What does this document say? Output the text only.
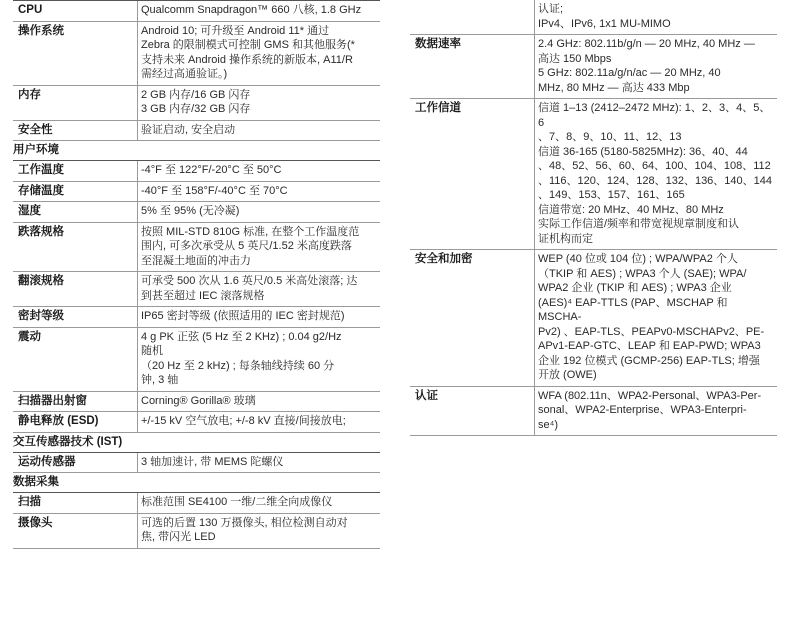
CPU	Qualcomm Snapdragon™ 660 八核, 1.8 GHz
操作系统	Android 10; 可升级至 Android 11* 通过
Zebra 的限制模式可控制 GMS 和其他服务(*
支持未来 Android 操作系统的新版本, A11/R
需经过高通验证。)
内存	2 GB 内存/16 GB 闪存
3 GB 内存/32 GB 闪存
安全性	验证启动, 安全启动
用户环境
工作温度	-4°F 至 122°F/-20°C 至 50°C
存储温度	-40°F 至 158°F/-40°C 至 70°C
湿度	5% 至 95% (无冷凝)
跌落规格	按照 MIL-STD 810G 标准, 在整个工作温度范
围内, 可多次承受从 5 英尺/1.52 米高度跌落
至混凝土地面的冲击力
翻滚规格	可承受 500 次从 1.6 英尺/0.5 米高处滚落; 达
到甚至超过 IEC 滚落规格
密封等级	IP65 密封等级 (依照适用的 IEC 密封规范)
震动	4 g PK 正弦 (5 Hz 至 2 KHz) ; 0.04 g2/Hz
随机
（20 Hz 至 2 kHz) ; 每条轴线持续 60 分
钟, 3 轴
扫描器出射窗	Corning® Gorilla® 玻璃
静电释放 (ESD)	+/-15 kV 空气放电; +/-8 kV 直接/间接放电;
交互传感器技术 (IST)
运动传感器	3 轴加速计, 带 MEMS 陀螺仪
数据采集
扫描	标准范围 SE4100 一维/二维全向成像仪
摄像头	可选的后置 130 万摄像头, 相位检测自动对
焦, 带闪光 LED
认证;
IPv4、IPv6, 1x1 MU-MIMO
数据速率	2.4 GHz: 802.11b/g/n — 20 MHz, 40 MHz —
高达 150 Mbps
5 GHz: 802.11a/g/n/ac — 20 MHz, 40
MHz, 80 MHz — 高达 433 Mbp
工作信道	信道 1–13 (2412–2472 MHz): 1、2、3、4、5、6
、7、8、9、10、11、12、13
信道 36-165 (5180-5825MHz): 36、40、44
、48、52、56、60、64、100、104、108、112
、116、120、124、128、132、136、140、144
、149、153、157、161、165
信道带宽: 20 MHz、40 MHz、80 MHz
实际工作信道/频率和带宽视规章制度和认
证机构而定
安全和加密	WEP (40 位或 104 位) ; WPA/WPA2 个人
（TKIP 和 AES) ; WPA3 个人 (SAE); WPA/
WPA2 企业 (TKIP 和 AES) ; WPA3 企业
(AES)⁴ EAP-TTLS (PAP、MSCHAP 和 MSCHA-
Pv2) 、EAP-TLS、PEAPv0-MSCHAPv2、PE-
APv1-EAP-GTC、LEAP 和 EAP-PWD; WPA3
企业 192 位模式 (GCMP-256) EAP-TLS; 增强
开放 (OWE)
认证	WFA (802.11n、WPA2-Personal、WPA3-Per-
sonal、WPA2-Enterprise、WPA3-Enterpri-
se⁴)
